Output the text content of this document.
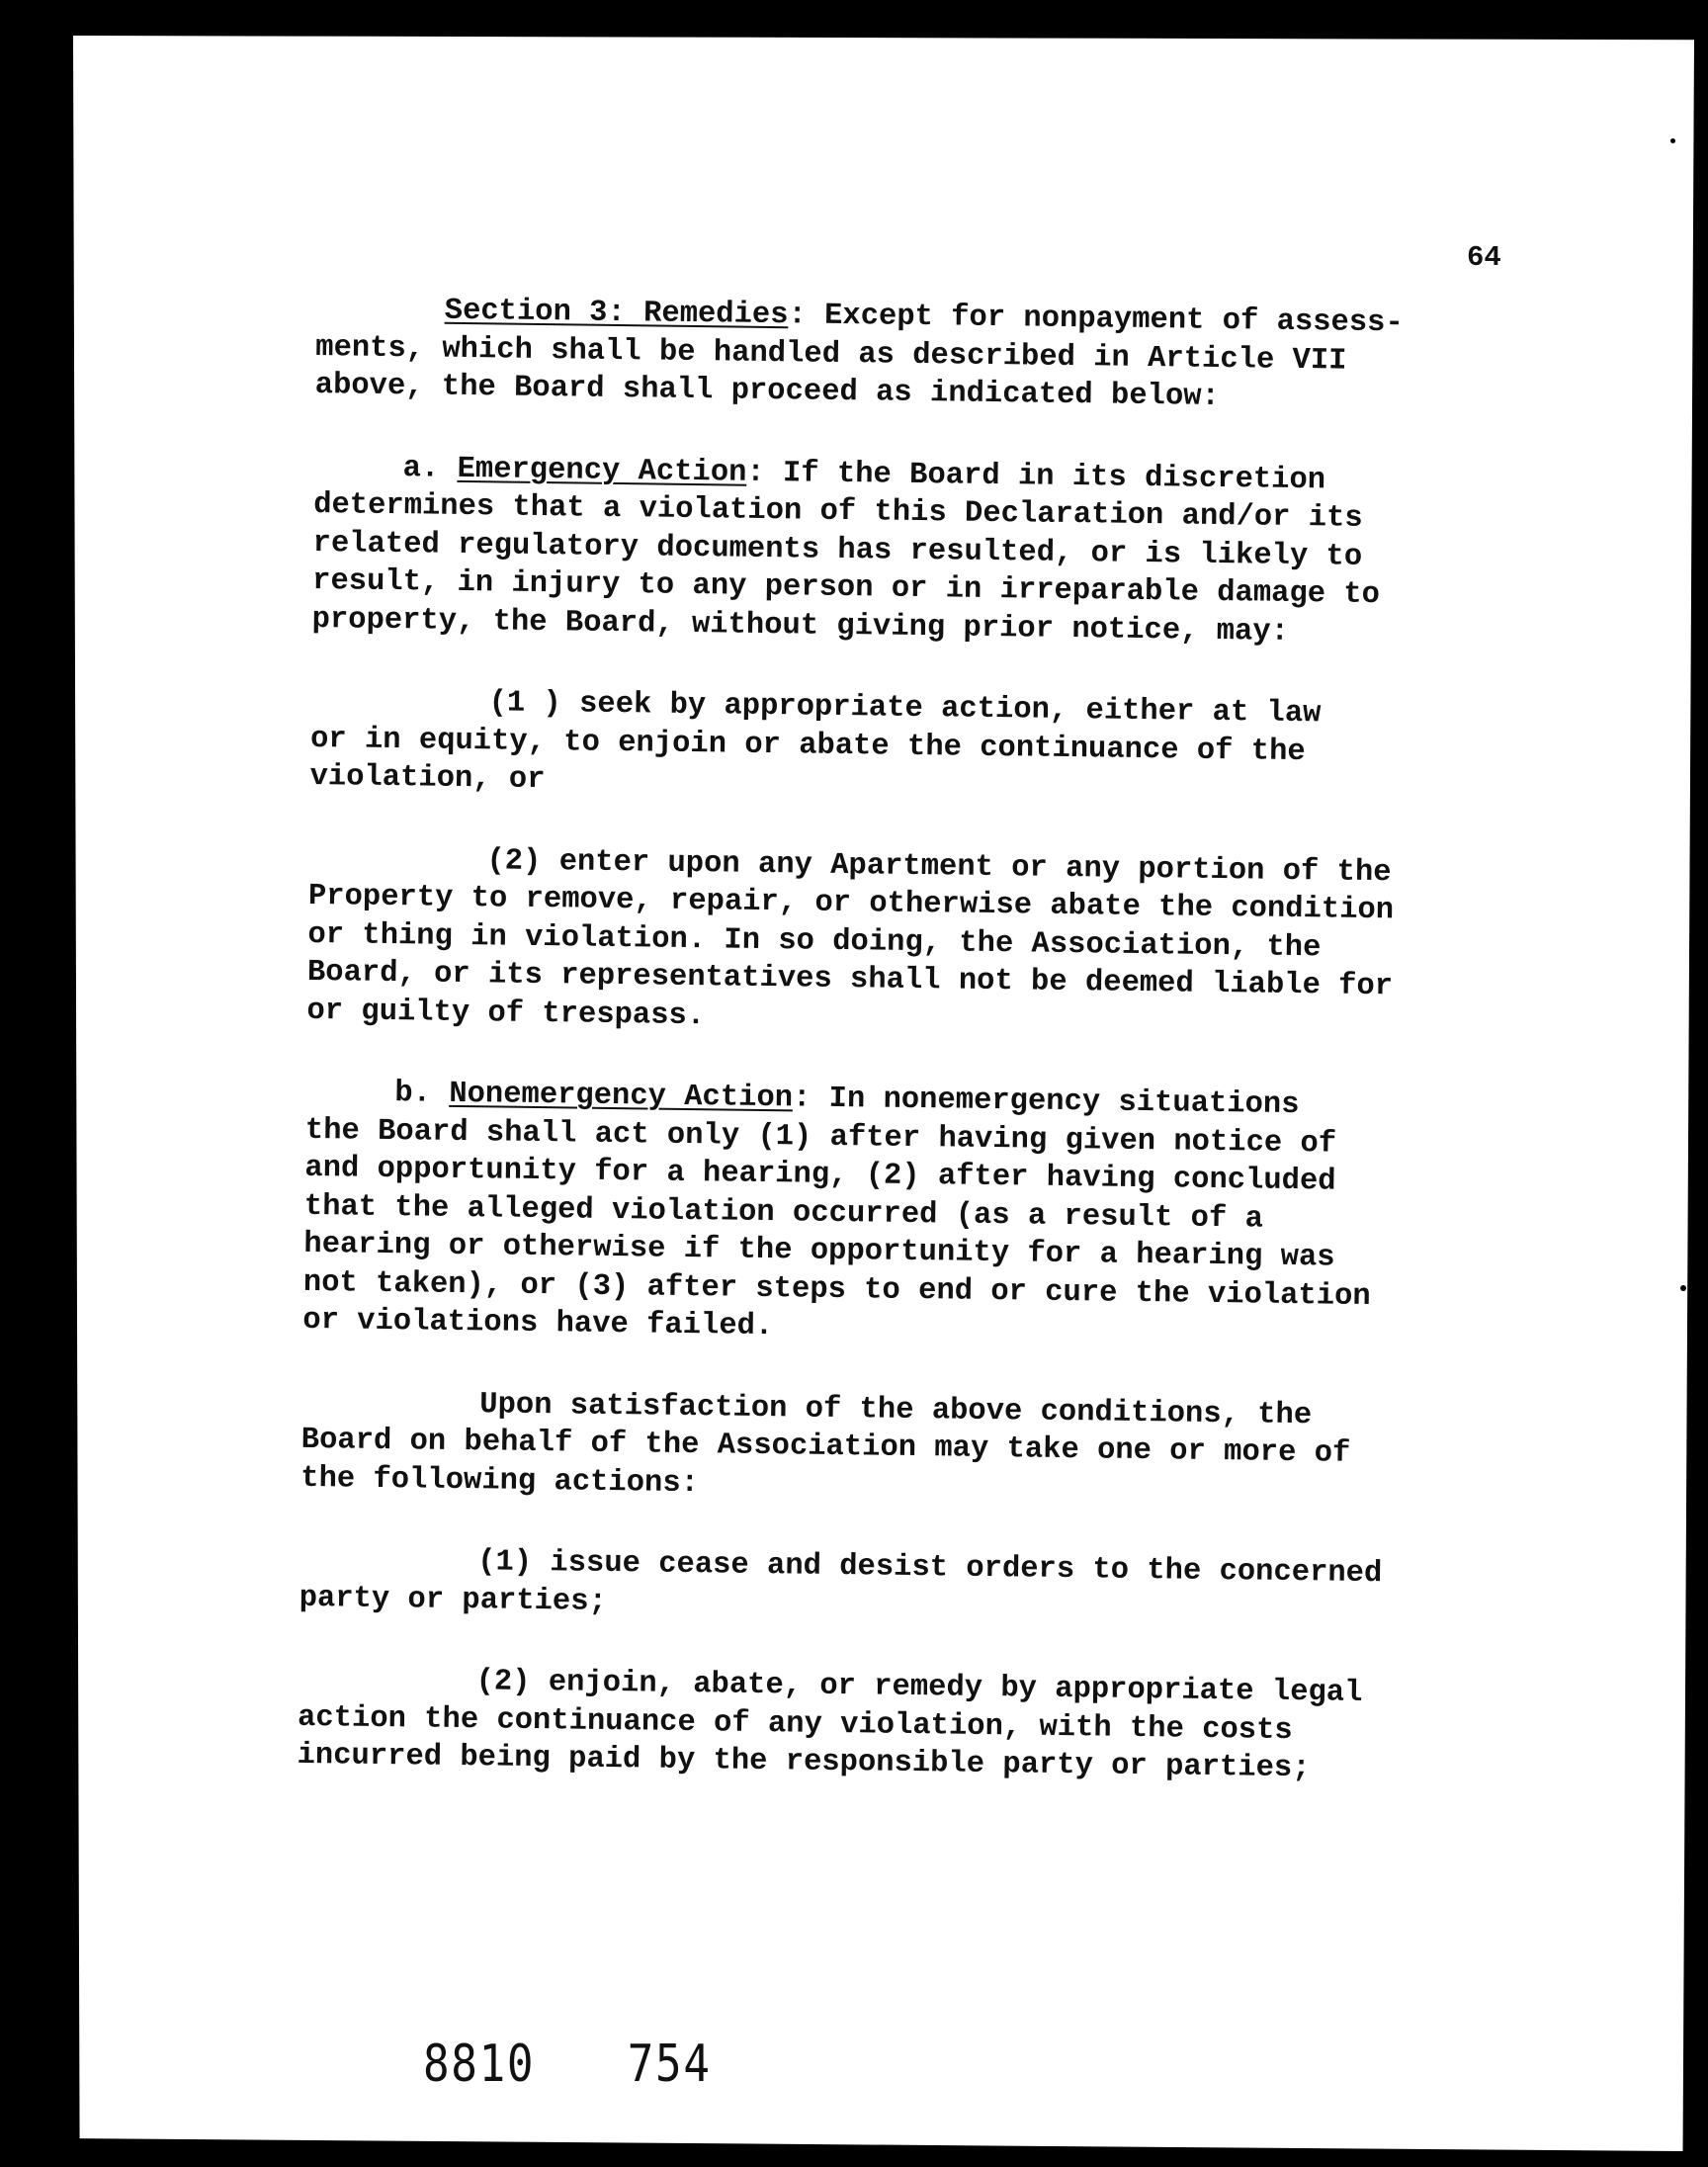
64

Section 3: Remedies: Except for nonpayment of assess-
ments, which shall be handled as described in Article VII
above, the Board shall proceed as indicated below:

a. Emergency Action: If the Board in its discretion
determines that a violation of this Declaration and/or its
related regulatory documents has resulted, or is likely to
result, in injury to any person or in irreparable damage to
property, the Board, without giving prior notice, may:

(1 ) seek by appropriate action, either at law
or in equity, to enjoin or abate the continuance of the
violation, or

(2) enter upon any Apartment or any portion of the
Property to remove, repair, or otherwise abate the condition
or thing in violation. In so doing, the Association, the
Board, or its representatives shall not be deemed liable for
or guilty of trespass.

b. Nonemergency Action: In nonemergency situations
the Board shall act only (1) after having given notice of
and opportunity for a hearing, (2) after having concluded
that the alleged violation occurred (as a result of a
hearing or otherwise if the opportunity for a hearing was
not taken), or (3) after steps to end or cure the violation
or violations have failed.

Upon satisfaction of the above conditions, the
Board on behalf of the Association may take one or more of
the following actions:

(1) issue cease and desist orders to the concerned
party or parties;

(2) enjoin, abate, or remedy by appropriate legal
action the continuance of any violation, with the costs
incurred being paid by the responsible party or parties;

8810 754
